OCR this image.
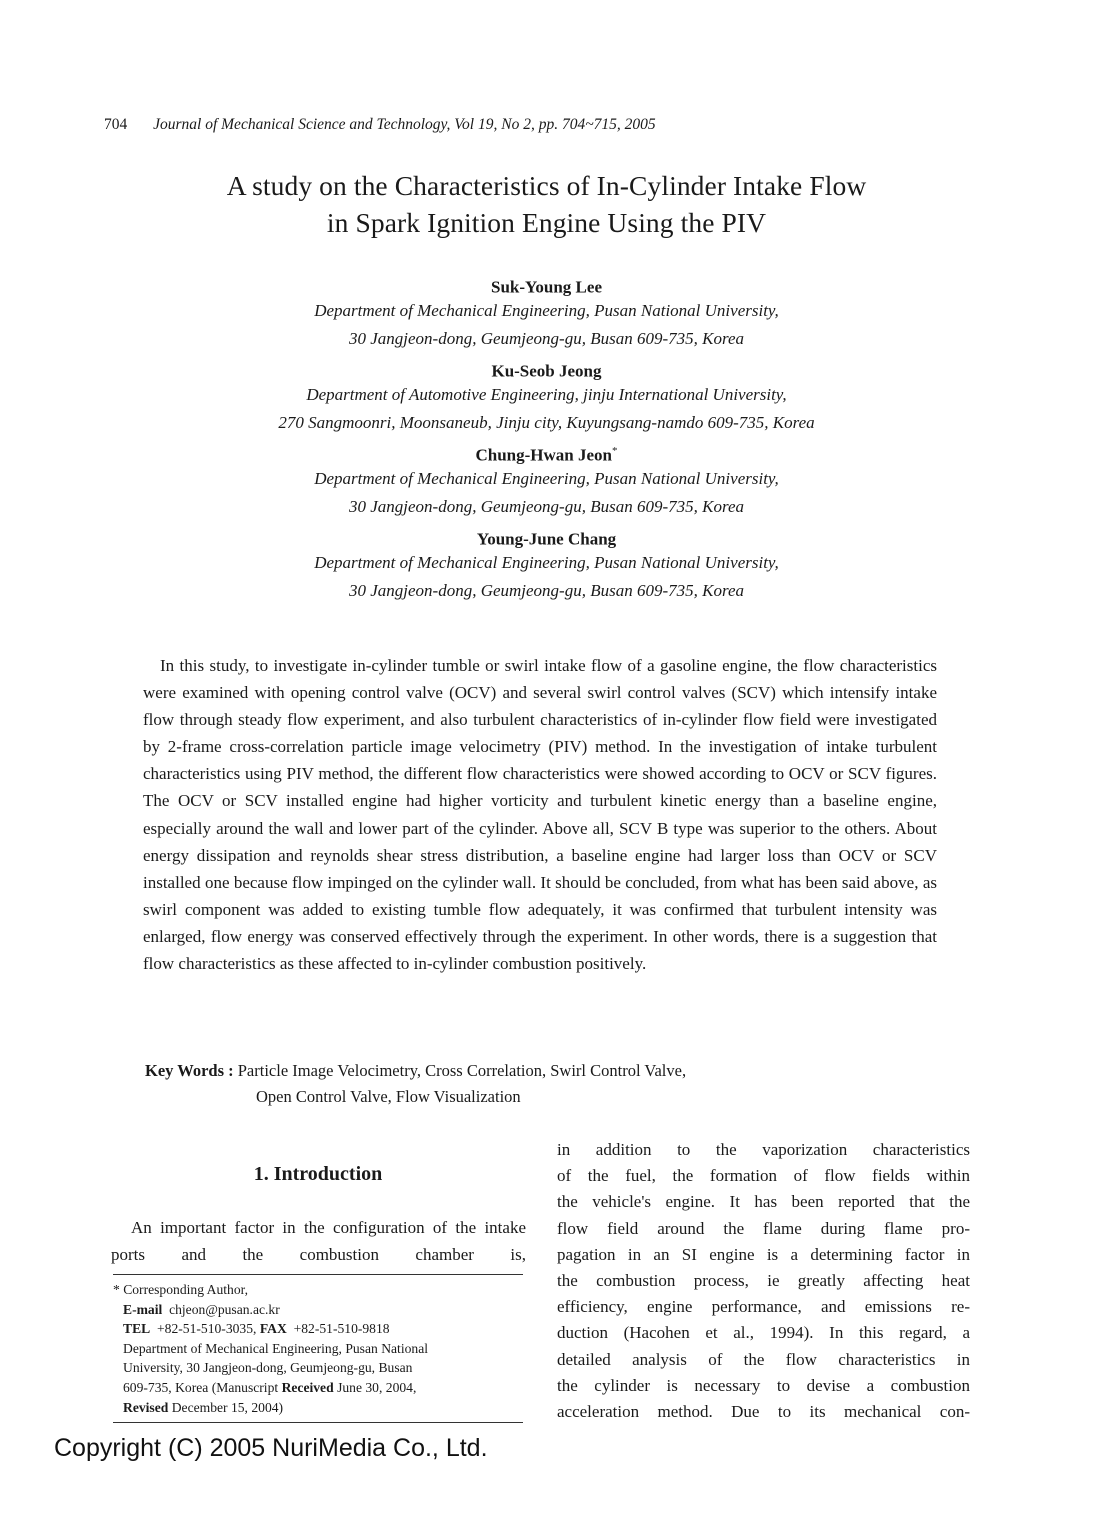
704 Journal of Mechanical Science and Technology, Vol 19, No 2, pp. 704~715, 2005
A study on the Characteristics of In-Cylinder Intake Flow
in Spark Ignition Engine Using the PIV
Suk-Young Lee
Department of Mechanical Engineering, Pusan National University,
30 Jangjeon-dong, Geumjeong-gu, Busan 609-735, Korea
Ku-Seob Jeong
Department of Automotive Engineering, jinju International University,
270 Sangmoonri, Moonsaneub, Jinju city, Kuyungsang-namdo 609-735, Korea
Chung-Hwan Jeon*
Department of Mechanical Engineering, Pusan National University,
30 Jangjeon-dong, Geumjeong-gu, Busan 609-735, Korea
Young-June Chang
Department of Mechanical Engineering, Pusan National University,
30 Jangjeon-dong, Geumjeong-gu, Busan 609-735, Korea

In this study, to investigate in-cylinder tumble or swirl intake flow of a gasoline engine, the flow characteristics were examined with opening control valve (OCV) and several swirl control valves (SCV) which intensify intake flow through steady flow experiment, and also turbulent characteristics of in-cylinder flow field were investigated by 2-frame cross-correlation particle image velocimetry (PIV) method. In the investigation of intake turbulent characteristics using PIV method, the different flow characteristics were showed according to OCV or SCV figures. The OCV or SCV installed engine had higher vorticity and turbulent kinetic energy than a baseline engine, especially around the wall and lower part of the cylinder. Above all, SCV B type was superior to the others. About energy dissipation and reynolds shear stress distribution, a baseline engine had larger loss than OCV or SCV installed one because flow impinged on the cylinder wall. It should be concluded, from what has been said above, as swirl component was added to existing tumble flow adequately, it was confirmed that turbulent intensity was enlarged, flow energy was conserved effectively through the experiment. In other words, there is a suggestion that flow characteristics as these affected to in-cylinder combustion positively.

Key Words : Particle Image Velocimetry, Cross Correlation, Swirl Control Valve,
Open Control Valve, Flow Visualization
1. Introduction

An important factor in the configuration of the intake ports and the combustion chamber is,

* Corresponding Author,
E-mail chjeon@pusan.ac.kr
TEL +82-51-510-3035, FAX +82-51-510-9818
Department of Mechanical Engineering, Pusan National
University, 30 Jangjeon-dong, Geumjeong-gu, Busan
609-735, Korea (Manuscript Received June 30, 2004,
Revised December 15, 2004)
in addition to the vaporization characteristics
of the fuel, the formation of flow fields within
the vehicle's engine. It has been reported that the
flow field around the flame during flame pro-
pagation in an SI engine is a determining factor in
the combustion process, ie greatly affecting heat
efficiency, engine performance, and emissions re-
duction (Hacohen et al., 1994). In this regard, a
detailed analysis of the flow characteristics in
the cylinder is necessary to devise a combustion
acceleration method. Due to its mechanical con-
Copyright (C) 2005 NuriMedia Co., Ltd.
